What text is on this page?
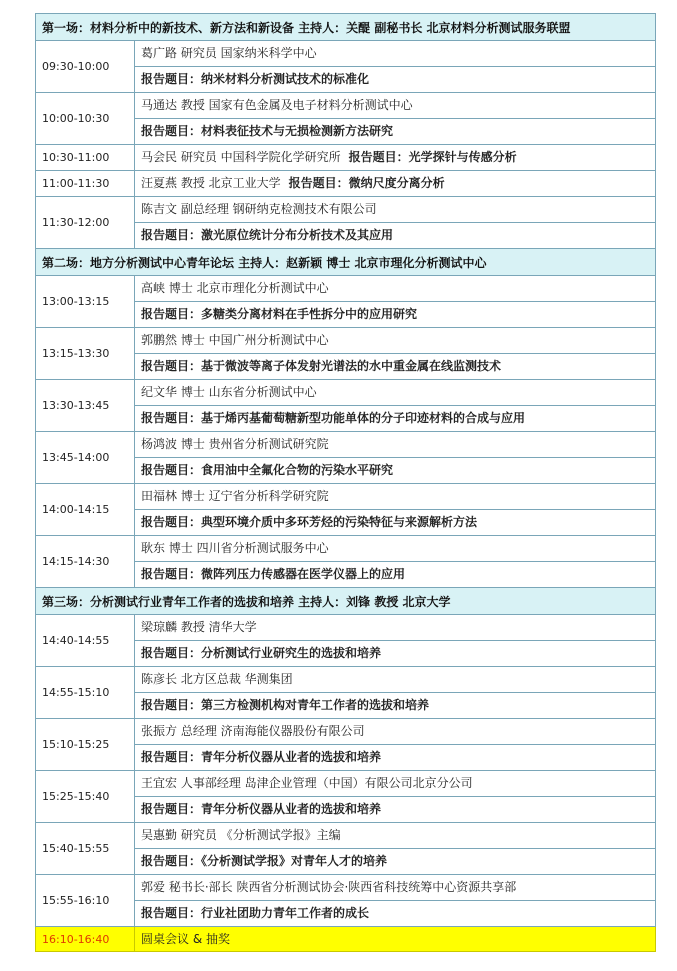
第一场：材料分析中的新技术、新方法和新设备 主持人：关醍 副秘书长 北京材料分析测试服务联盟	
09:30-10:00	葛广路 研究员 国家纳米科学中心
报告题目：纳米材料分析测试技术的标准化

10:00-10:30	马通达 教授 国家有色金属及电子材料分析测试中心
报告题目：材料表征技术与无损检测新方法研究

10:30-11:00	马会民 研究员 中国科学院化学研究所 报告题目：光学探针与传感分析

11:00-11:30	汪夏燕 教授 北京工业大学 报告题目：微纳尺度分离分析

11:30-12:00	陈吉文 副总经理 钢研纳克检测技术有限公司
报告题目：激光原位统计分布分析技术及其应用

第二场：地方分析测试中心青年论坛 主持人：赵新颖 博士 北京市理化分析测试中心	
13:00-13:15	高峡 博士 北京市理化分析测试中心
报告题目：多糖类分离材料在手性拆分中的应用研究

13:15-13:30	郭鹏然 博士 中国广州分析测试中心
报告题目：基于微波等离子体发射光谱法的水中重金属在线监测技术

13:30-13:45	纪文华 博士 山东省分析测试中心
报告题目：基于烯丙基葡萄糖新型功能单体的分子印迹材料的合成与应用

13:45-14:00	杨鸿波 博士 贵州省分析测试研究院
报告题目：食用油中全氟化合物的污染水平研究

14:00-14:15	田福林 博士 辽宁省分析科学研究院
报告题目：典型环境介质中多环芳烃的污染特征与来源解析方法

14:15-14:30	耿东 博士 四川省分析测试服务中心
报告题目：微阵列压力传感器在医学仪器上的应用

第三场：分析测试行业青年工作者的选拔和培养 主持人：刘锋 教授 北京大学	
14:40-14:55	梁琼麟 教授 清华大学
报告题目：分析测试行业研究生的选拔和培养

14:55-15:10	陈彦长 北方区总裁 华测集团
报告题目：第三方检测机构对青年工作者的选拔和培养

15:10-15:25	张振方 总经理 济南海能仪器股份有限公司
报告题目：青年分析仪器从业者的选拔和培养

15:25-15:40	王宜宏 人事部经理 岛津企业管理（中国）有限公司北京分公司
报告题目：青年分析仪器从业者的选拔和培养

15:40-15:55	吴惠勤 研究员 《分析测试学报》主编
报告题目：《分析测试学报》对青年人才的培养

15:55-16:10	郭爱 秘书长·部长 陕西省分析测试协会·陕西省科技统筹中心资源共享部
报告题目：行业社团助力青年工作者的成长

16:10-16:40	圆桌会议 & 抽奖
